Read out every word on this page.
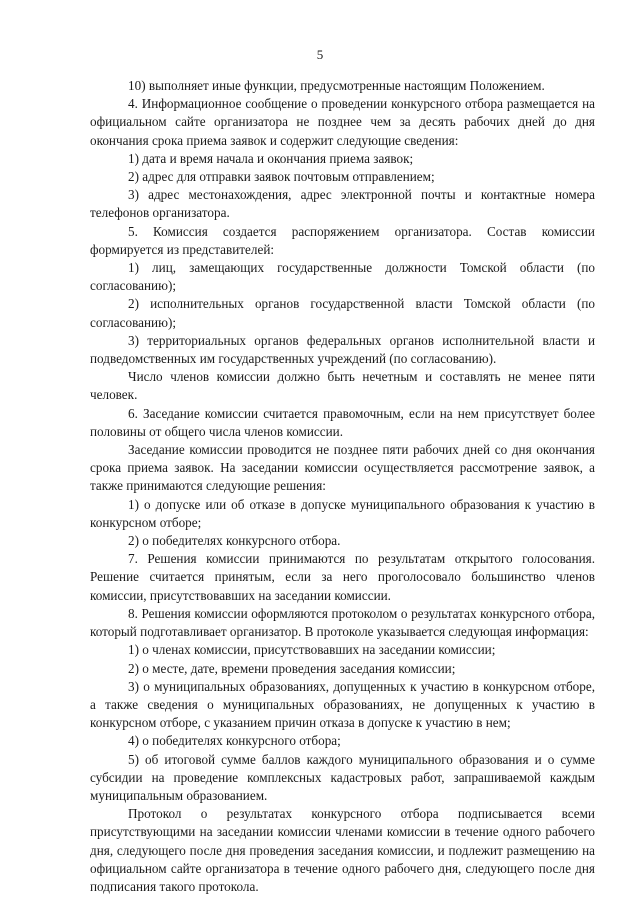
5

10) выполняет иные функции, предусмотренные настоящим Положением.

4. Информационное сообщение о проведении конкурсного отбора размещается на официальном сайте организатора не позднее чем за десять рабочих дней до дня окончания срока приема заявок и содержит следующие сведения:

1) дата и время начала и окончания приема заявок;

2) адрес для отправки заявок почтовым отправлением;

3) адрес местонахождения, адрес электронной почты и контактные номера телефонов организатора.

5. Комиссия создается распоряжением организатора. Состав комиссии формируется из представителей:

1) лиц, замещающих государственные должности Томской области (по согласованию);

2) исполнительных органов государственной власти Томской области (по согласованию);

3) территориальных органов федеральных органов исполнительной власти и подведомственных им государственных учреждений (по согласованию).

Число членов комиссии должно быть нечетным и составлять не менее пяти человек.

6. Заседание комиссии считается правомочным, если на нем присутствует более половины от общего числа членов комиссии.

Заседание комиссии проводится не позднее пяти рабочих дней со дня окончания срока приема заявок. На заседании комиссии осуществляется рассмотрение заявок, а также принимаются следующие решения:

1) о допуске или об отказе в допуске муниципального образования к участию в конкурсном отборе;

2) о победителях конкурсного отбора.

7. Решения комиссии принимаются по результатам открытого голосования. Решение считается принятым, если за него проголосовало большинство членов комиссии, присутствовавших на заседании комиссии.

8. Решения комиссии оформляются протоколом о результатах конкурсного отбора, который подготавливает организатор. В протоколе указывается следующая информация:

1) о членах комиссии, присутствовавших на заседании комиссии;

2) о месте, дате, времени проведения заседания комиссии;

3) о муниципальных образованиях, допущенных к участию в конкурсном отборе, а также сведения о муниципальных образованиях, не допущенных к участию в конкурсном отборе, с указанием причин отказа в допуске к участию в нем;

4) о победителях конкурсного отбора;

5) об итоговой сумме баллов каждого муниципального образования и о сумме субсидии на проведение комплексных кадастровых работ, запрашиваемой каждым муниципальным образованием.

Протокол о результатах конкурсного отбора подписывается всеми присутствующими на заседании комиссии членами комиссии в течение одного рабочего дня, следующего после дня проведения заседания комиссии, и подлежит размещению на официальном сайте организатора в течение одного рабочего дня, следующего после дня подписания такого протокола.
